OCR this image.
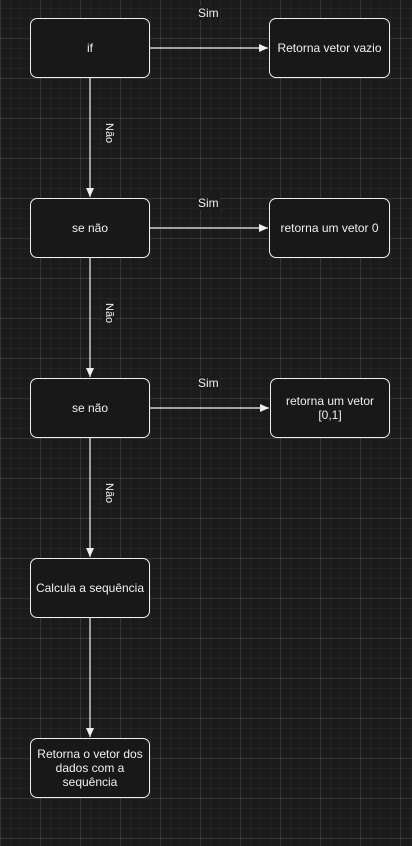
if
se não
se não
Calcula a sequência
Retorna o vetor dos dados com a sequência
Retorna vetor vazio
retorna um vetor 0
retorna um vetor [0,1]
Sim
Sim
Sim
Não
Não
Não
